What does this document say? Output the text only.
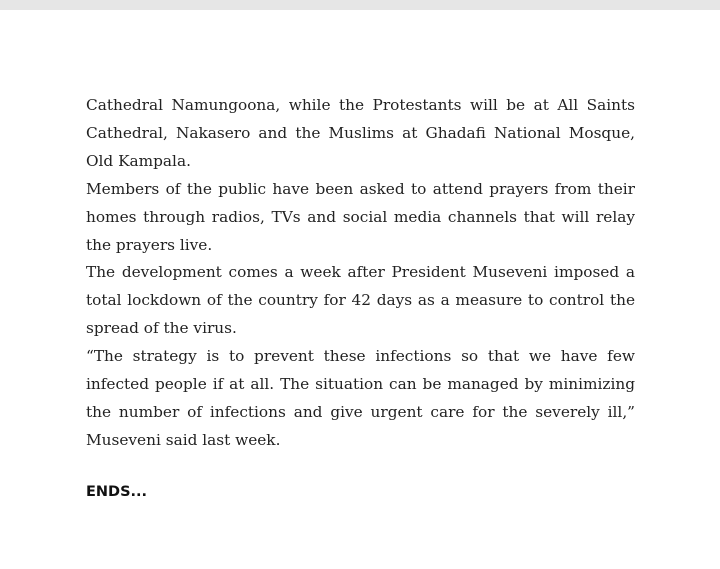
Cathedral Namungoona, while the Protestants will be at All Saints Cathedral, Nakasero and the Muslims at Ghadafi National Mosque, Old Kampala.

Members of the public have been asked to attend prayers from their homes through radios, TVs and social media channels that will relay the prayers live.

The development comes a week after President Museveni imposed a total lockdown of the country for 42 days as a measure to control the spread of the virus.

“The strategy is to prevent these infections so that we have few infected people if at all. The situation can be managed by minimizing the number of infections and give urgent care for the severely ill,” Museveni said last week.

ENDS...
